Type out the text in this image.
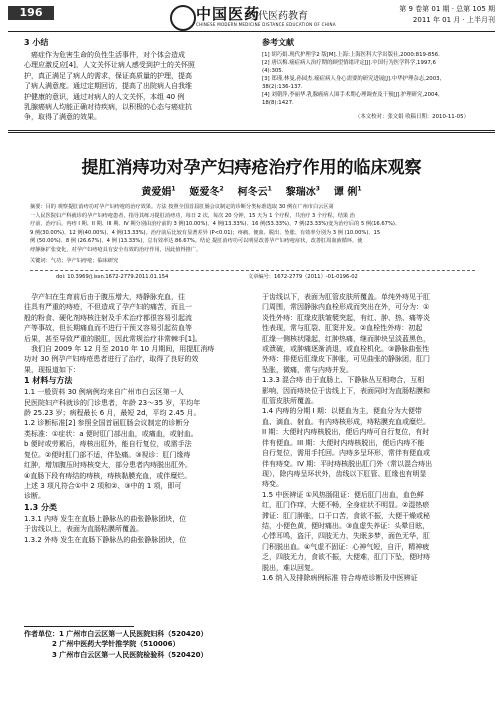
196	中国医药
现代医药教育
CHINESE MODERN MEDICINE DISTANCE EDUCATION OF CHINA
第 9 卷第 01 期 · 总第 105 期
2011 年 01 月 · 上半月刊
3 小结
癌症作为危害生命的负性生活事件，对个体会造成
心理应激反应[4]，人文关怀让病人感受到护士的关怀照
护，真正满足了病人的需求，保证高质量的护理，提高
了病人满意度。通过定期回访，提高了出院病人自我维
护健康的意识，通过对病人的人文关怀，本组 40 例
乳腺癌病人均能正确对待疾病，以积极的心态与癌症抗
争，取得了满意的效果。
参考文献
[1] 胡巧娟.现代护理学2 版[M].上海:上海医科大学出版社,2000:819-856.
[2] 唐以梅.癌症病人治疗期的顾望情绪评定[J].中国行为医学科学,1997,6
(4):305.
[3] 郑瑾,林曼,孙园杰.癌症病人身心需要的研究进展[J].中华护理杂志,2003,
38(2):136-137.
[4] 刘朝萍,李丽华.乳腺癌病人围手术期心理调查及干预[J].护理研究,2004,
18(8):1427.
（本文校对：张文娟 收稿日期：2010-11-05）
提肛消痔功对孕产妇痔疮治疗作用的临床观察
黄爱娟$^1$ 姬爱冬$^2$ 柯冬云$^1$ 黎瑞冰$^3$ 谭 俐$^1$
摘要：目的 观察提肛消痔功对孕产妇痔疮的治疗效果。方法 按照全国首届肛肠会议制定的诊断分类标准选取 30 例在广州市白云区第
一人民医院妇产科就诊的孕产妇痔疮患者，指导其练习提肛消痔功，每日 2 次，每次 20 分钟，15 天为 1 个疗程，共治疗 3 个疗程。结果 治
疗前、治疗后，内痔 I 期、II 期、III 期、IV 期分别由治疗前的 3 例(10.00%)、4 例(13.33%)、16 例(53.33%)、7 例(23.33%)变为治疗后的 5 例(16.67%)、
9 例(30.00%)、12 例(40.00%)、4 例(13.33%)。治疗前后比较有显著差异 (P<0.01)；疼痛、便血、脱出、坠胀、有效率分别为 3 例 (10.00%)、15
例 (50.00%)、8 例 (26.67%)、4 例 (13.33%)，总有效率达 86.67%。结论 提肛消痔功可以明显改善孕产妇痔疮症状，改善肛周血液循环，使
痔静脉扩张变化，对孕产妇痔疮具有安全有效的治疗作用，因此值得推广。
关键词：气功；孕产妇痔疮；临床研究
doi: 10.3969/j.issn.1672-2779.2011.01.154	文章编号：1672-2779（2011）-01-0196-02
孕产妇在生育前后由于腹压增大，痔静脉充血，往
往具有严重的痔疮，不但造成了孕产妇的痛苦，而且一
般的粉食、硬化剂痔核注射及手术治疗都很容易引起流
产等事故，但长期痛血而不进行干预又容易引起贫血等
后果，甚至导致严重的脱肛，因此常规治疗非常棘手[1]。
我们自 2009 年 12 月至 2010 年 10 月期间，用提肛消痔
功对 30 例孕产妇痔疮患者进行了治疗，取得了良好的效
果，现报道如下：
1 材料与方法
1.1 一般资料 30 例病例均来自广州市白云区第一人
民医院妇产科就诊的门诊患者，年龄 23～35 岁，平均年
龄 25.23 岁；病程最长 6 月，最短 2d，平均 2.45 月。
1.2 诊断标准[2] 参照全国首届肛肠会议制定的诊断分
类标准：①症状：a 便时肛门部出血，或痛血，或射血。
b 便时或劳累后，痔核出肛外，能自行复位，或需手法
复位。②便时肛门部不适，伴坠痛。③视诊：肛门缘痔
红肿，增加腹压时痔核变大，部分患者内痔脱出肛外。
④直肠下段有痔结的痔核，痔核黏膜充血，或伴糜烂。
上述 3 项凡符合①中 2 项和②、③中的 1 项，即可
诊断。
1.3 分类
1.3.1 内痔 发生在直肠上静脉丛的曲张静脉团块，位
于齿线以上，表面为直肠粘膜所覆盖。
1.3.2 外痔 发生在直肠下静脉丛的曲张静脉团块，位
作者单位：1 广州市白云区第一人民医院妇科（520420）
2 广州中医药大学针推学院（510006）
3 广州市白云区第一人民医院检验科（520420）
于齿线以下，表面为肛管皮肤所覆盖。单纯外痔见于肛
门周围，常因静脉内血栓形成而突出在外，可分为：①
炎性外痔：肛缘皮肤皱襞突起，有红、肿、热、痛等炎
性表现，常与肛裂、肛窦并发。②血栓性外痔：初起
肛缘一侧核状隆起，红肿热痛，继而肿块呈淡蓝黑色，
或溃破，或肿痛逐渐消退，或血栓机化。③静脉曲张性
外痔：排便后肛缘皮下肿胀，可见曲张的静脉团，肛门
坠胀，微痛，常与内痔并发。
1.3.3 混合痔 由于直肠上、下静脉丛互相吻合，互相
影响，因而痔块位于齿线上下，表面同时为直肠粘膜和
肛管皮肤所覆盖。
1.4 内痔的分期 I 期：以便血为主，便血分为大便带
血、滴血、射血。有内痔核形成，痔粘膜充血或糜烂。
II 期：大便时内痔核脱出，便后内痔可自行复位，有时
伴有便血。III 期：大便时内痔核脱出，便后内痔不能
自行复位，需用手托回。内痔多呈环形，常伴有便血或
伴有痔变。IV 期：平时痔核脱出肛门外（常以混合痔出
现），除内痔呈环状外，齿线以下肛管、肛缘也有明显
痔变。
1.5 中医辨证 ①风热肠阻证：便后肛门出血，血色鲜
红，肛门作痒，大便不畅，全身症状不明显。②湿热瘀
滞证：肛门肿胀，口干口苦，食欲不振，大便干燥或秘
结，小便色黄，便时痛出。③血虚失养证：头晕目眩，
心悸耳鸣，盗汗，四肢无力，失眠多梦，面色无华，肛
门积脱出血。④气虚不固证：心神气短，自汗，精神疲
乏，四肢无力，食欲不振，大便难，肛门下坠，便时痔
脱出，难以回复。
1.6 纳入及排除病例标准 符合痔疮诊断及中医辨证
